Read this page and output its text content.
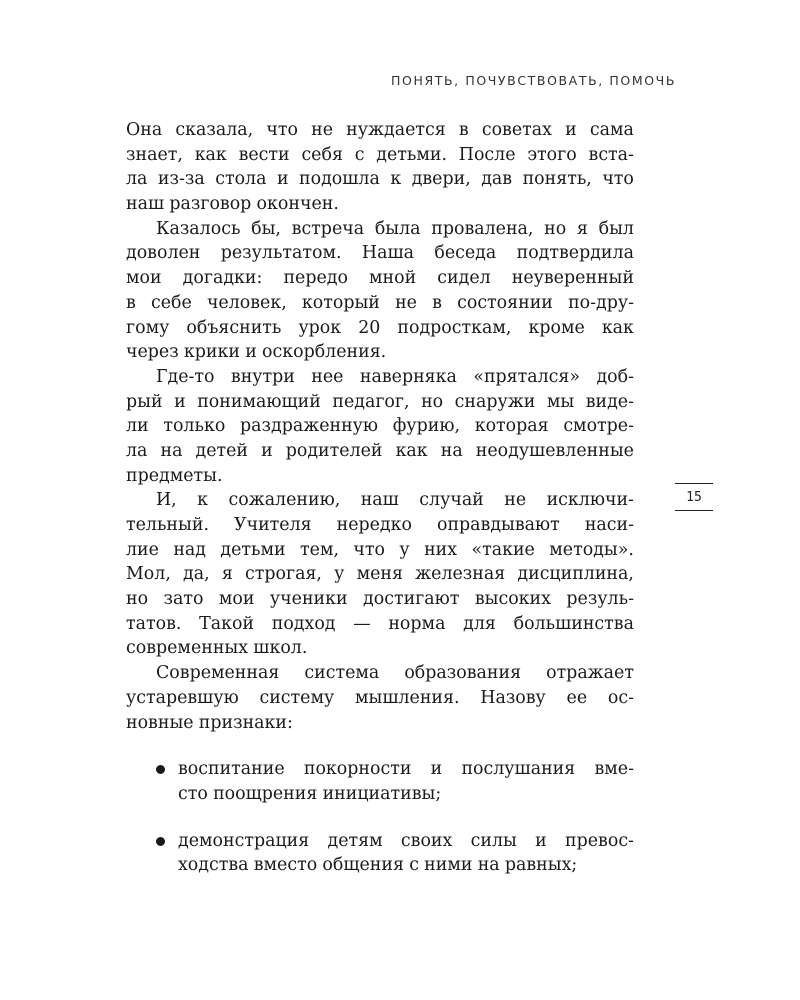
ПОНЯТЬ, ПОЧУВСТВОВАТЬ, ПОМОЧЬ
15
Она сказала, что не нуждается в советах и сама
знает, как вести себя с детьми. После этого вста-
ла из-за стола и подошла к двери, дав понять, что
наш разговор окончен.
Казалось бы, встреча была провалена, но я был
доволен результатом. Наша беседа подтвердила
мои догадки: передо мной сидел неуверенный
в себе человек, который не в состоянии по-дру-
гому объяснить урок 20 подросткам, кроме как
через крики и оскорбления.
Где-то внутри нее наверняка «прятался» доб-
рый и понимающий педагог, но снаружи мы виде-
ли только раздраженную фурию, которая смотре-
ла на детей и родителей как на неодушевленные
предметы.
И, к сожалению, наш случай не исключи-
тельный. Учителя нередко оправдывают наси-
лие над детьми тем, что у них «такие методы».
Мол, да, я строгая, у меня железная дисциплина,
но зато мои ученики достигают высоких резуль-
татов. Такой подход — норма для большинства
современных школ.
Современная система образования отражает
устаревшую систему мышления. Назову ее ос-
новные признаки:
воспитание покорности и послушания вме-
сто поощрения инициативы;
демонстрация детям своих силы и превос-
ходства вместо общения с ними на равных;
